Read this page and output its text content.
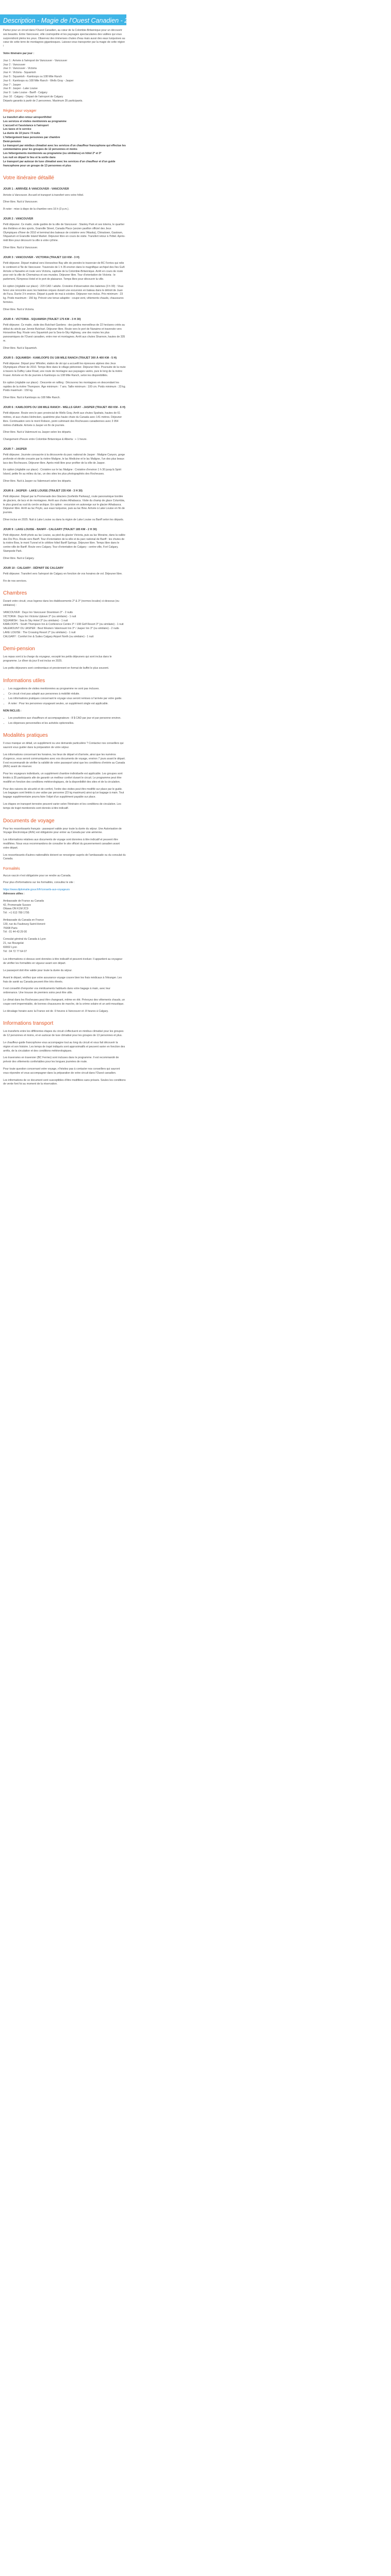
Description - Magie de l'Ouest Canadien - 2*

Partez pour un circuit dans l'Ouest Canadien, au cœur de la Colombie-Britannique pour un découvrir ses beautés. Entre Vancouver, ville cosmopolite et les paysages spectaculaires des vallées qui vous surprendront pleins les yeux. Observez des immenses chutes d'eau mais aussi des eaux turquoises au cœur de cette terre de montagnes gigantesques. Laissez-vous transporter par la magie de cette région !

Votre itinéraire par jour :

Jour 1 : Arrivée à l'aéroport de Vancouver - Vancouver
Jour 2 : Vancouver
Jour 3 : Vancouver - Victoria
Jour 4 : Victoria - Squamish
Jour 5 : Squamish - Kamloops ou 108 Mile Ranch
Jour 6 : Kamloops ou 108 Mile Ranch - Wells Gray - Jasper
Jour 7 : Jasper
Jour 8 : Jasper - Lake Louise
Jour 9 : Lake Louise - Banff - Calgary
Jour 10 : Calgary - Départ de l'aéroport de Calgary
Départs garantis à partir de 2 personnes. Maximum 35 participants.
Règles pour voyager
Le transfert aller-retour aéroport/hôtel
Les services et visites mentionnés au programme
L'accueil et l'assistance à l'aéroport
Les taxes et le service
La durée de 10 jours / 9 nuits
L'hébergement base personnes par chambre
Demi-pension
Le transport par minibus climatisé avec les services d'un chauffeur francophone qui effectue les commentaires pour les groupes de 12 personnes et moins
Les hébergements mentionnés au programme (ou similaires) en hôtel 2* et 3*
Les nuit en départ le lieu et la sortie dans
Le transport par autocar de luxe climatisé avec les services d'un chauffeur et d'un guide francophone pour un groupe de 13 personnes et plus
Votre itinéraire détaillé
JOUR 1 : ARRIVÉE À VANCOUVER - VANCOUVER

Arrivée à Vancouver. Accueil et transport à transfert vers votre hôtel.

Dîner libre. Nuit à Vancouver.

À noter : mise à dispo de la chambre vers 16 h (3 p.m.).

JOUR 2 : VANCOUVER

Petit déjeuner. Ce matin, visite guidée de la ville de Vancouver : Stanley Park et ses totems, le quartier des théâtres et des sports, Granville Street, Canada Place (ancien pavillon officiel des Jeux Olympiques d'hiver de 2010 et terminal des bateaux de croisière vers l'Alaska), Chinatown, Gastown, l'Aquarium et Granville Island Market. Déjeuner libre en cours de visite. Transfert retour à l'hôtel. Après-midi libre pour découvrir la ville à votre rythme.

Dîner libre. Nuit à Vancouver.

JOUR 3 : VANCOUVER - VICTORIA (TRAJET 110 KM - 3 H)

Petit déjeuner. Départ matinal vers Horseshoe Bay afin de prendre le traversier de BC Ferries qui relie le continent à l'île de Vancouver. Traversée de 1 h 35 environ dans le magnifique archipel des îles Gulf. Arrivée à Nanaimo et route vers Victoria, capitale de la Colombie-Britannique. Arrêt en cours de route pour voir la ville de Chemainus et ses murales. Déjeuner libre. Tour d'orientation de Victoria : le parlement, l'Empress Hotel et le port de plaisance. Temps libre pour découvrir la ville.

En option (réglable sur place) : 220 CAD / adulte. Croisière d'observation des baleines (3 h 00) : Vous ferez une rencontre avec les baleines orques durant une excursion en bateau dans le détroit de Juan de Fuca. Durée 3 h environ. Départ à partir de mai à octobre. Déjeuner non inclus. Prix minimum : 23 kg. Poids maximum : 150 kg. Prévoir une tenue adaptée : coupe-vent, vêtements chauds, chaussures fermées.

Dîner libre. Nuit à Victoria.

JOUR 4 : VICTORIA - SQUAMISH (TRAJET 175 KM - 3 H 30)

Petit déjeuner. Ce matin, visite des Butchart Gardens : des jardins merveilleux de 22 hectares créés au début du siècle par Jennie Butchart. Déjeuner libre. Route vers le port de Nanaimo et traversée vers Horseshoe Bay. Route vers Squamish par la Sea-to-Sky Highway, une des routes les plus panoramiques de l'Ouest canadien, entre mer et montagnes. Arrêt aux chutes Shannon, hautes de 335 m.

Dîner libre. Nuit à Squamish.

JOUR 5 : SQUAMISH - KAMLOOPS OU 108 MILE RANCH (TRAJET 300 À 400 KM - 5 H)

Petit déjeuner. Départ pour Whistler, station de ski qui a accueilli les épreuves alpines des Jeux Olympiques d'hiver de 2010. Temps libre dans le village piétonnier. Déjeuner libre. Poursuite de la route à travers la Duffey Lake Road, une route de montagne aux paysages variés, puis le long de la rivière Fraser. Arrivée en fin de journée à Kamloops ou 108 Mile Ranch, selon les disponibilités.

En option (réglable sur place) : Descente en rafting : Découvrez les montagnes en descendant les rapides de la rivière Thompson. Âge minimum : 7 ans. Taille minimum : 100 cm. Poids minimum : 23 kg. Poids maximum : 150 kg.

Dîner libre. Nuit à Kamloops ou 108 Mile Ranch.

JOUR 6 : KAMLOOPS OU 108 MILE RANCH - WELLS GRAY - JASPER (TRAJET 450 KM - 6 H)

Petit déjeuner. Route vers le parc provincial de Wells Gray. Arrêt aux chutes Spahats, hautes de 61 mètres, et aux chutes Helmcken, quatrième plus haute chute du Canada avec 141 mètres. Déjeuner libre. Continuation vers le mont Robson, point culminant des Rocheuses canadiennes avec 3 954 mètres d'altitude. Arrivée à Jasper en fin de journée.

Dîner libre. Nuit à Valemount ou Jasper selon les départs.

Changement d'heure entre Colombie Britannique & Alberta : + 1 heure.

JOUR 7 : JASPER

Petit déjeuner. Journée consacrée à la découverte du parc national de Jasper : Maligne Canyon, gorge profonde et étroite creusée par la rivière Maligne, le lac Medicine et le lac Maligne, l'un des plus beaux lacs des Rocheuses. Déjeuner libre. Après-midi libre pour profiter de la ville de Jasper.

En option (réglable sur place) : Croisière sur le lac Maligne : Croisière d'environ 1 h 30 jusqu'à Spirit Island, petite île au milieu du lac, un des sites les plus photographiés des Rocheuses.

Dîner libre. Nuit à Jasper ou Valemount selon les départs.

JOUR 8 : JASPER - LAKE LOUISE (TRAJET 235 KM - 3 H 30)

Petit déjeuner. Départ par la Promenade des Glaciers (Icefields Parkway), route panoramique bordée de glaciers, de lacs et de montagnes. Arrêt aux chutes Athabasca. Visite du champ de glace Columbia, le plus grand au sud du cercle arctique. En option : excursion en autoneige sur le glacier Athabasca. Déjeuner libre. Arrêt au lac Peyto, aux eaux turquoise, puis au lac Bow. Arrivée à Lake Louise en fin de journée.

Dîner inclus en 2025. Nuit à Lake Louise ou dans la région de Lake Louise ou Banff selon les départs.

JOUR 9 : LAKE LOUISE - BANFF - CALGARY (TRAJET 185 KM - 2 H 30)

Petit déjeuner. Arrêt photo au lac Louise, au pied du glacier Victoria, puis au lac Moraine, dans la vallée des Dix Pics. Route vers Banff. Tour d'orientation de la ville et du parc national de Banff : les chutes de la rivière Bow, le mont Tunnel et le célèbre hôtel Banff Springs. Déjeuner libre. Temps libre dans le centre-ville de Banff. Route vers Calgary. Tour d'orientation de Calgary : centre-ville, Fort Calgary, Stampede Park.

Dîner libre. Nuit à Calgary.

JOUR 10 : CALGARY - DÉPART DE CALGARY

Petit déjeuner. Transfert vers l'aéroport de Calgary en fonction de vos horaires de vol. Déjeuner libre.

Fin de nos services.

Chambres

Durant votre circuit, vous logerez dans les établissements 2* & 3* (normes locales) ci-dessous (ou similaires) :

VANCOUVER : Days Inn Vancouver Downtown 3* - 2 nuits
VICTORIA : Days Inn Victoria Uptown 3* (ou similaire) - 1 nuit
SQUAMISH : Sea to Sky Hotel 3* (ou similaire) - 1 nuit
KAMLOOPS : South Thompson Inn & Conference Centre 3* / 108 Golf Resort 3* (ou similaire) - 1 nuit
VALEMOUNT OU JASPER : Best Western Valemount Inn 3* / Jasper Inn 3* (ou similaire) - 2 nuits
LAKE LOUISE : The Crossing Resort 2* (ou similaire) - 1 nuit
CALGARY : Comfort Inn & Suites Calgary Airport North (ou similaire) - 1 nuit
Demi-pension

Les repas sont à la charge du voyageur, excepté les petits déjeuners qui sont inclus dans le programme. Le dîner du jour 8 est inclus en 2025.

Les petits déjeuners sont continentaux et proviennent en format de buffet le plus souvent.

Informations utiles
• Les suggestions de visites mentionnées au programme ne sont pas incluses.
• Ce circuit n'est pas adapté aux personnes à mobilité réduite.
• Les informations pratiques concernant le voyage vous seront remises à l'arrivée par votre guide.
• À noter : Pour les personnes voyageant seules, un supplément single est applicable.

NON INCLUS :

• Les pourboires aux chauffeurs et accompagnateurs : 8 $ CAD par jour et par personne environ.
• Les dépenses personnelles et les activités optionnelles.
Modalités pratiques

Il vous manque un détail, un supplément ou une demande particulière ? Contactez nos conseillers qui sauront vous guider dans la préparation de votre séjour.

Les informations concernant les horaires, les lieux de départ et d'arrivée, ainsi que les numéros d'urgence, vous seront communiquées avec vos documents de voyage, environ 7 jours avant le départ. Il est recommandé de vérifier la validité de votre passeport ainsi que les conditions d'entrée au Canada (AVE) avant de réserver.

Pour les voyageurs individuels, un supplément chambre individuelle est applicable. Les groupes sont limités à 35 participants afin de garantir un meilleur confort durant le circuit. Le programme peut être modifié en fonction des conditions météorologiques, de la disponibilité des sites et de la circulation.

Pour des raisons de sécurité et de confort, l'ordre des visites peut être modifié sur place par le guide. Les bagages sont limités à une valise par personne (23 kg maximum) ainsi qu'un bagage à main. Tout bagage supplémentaire pourra faire l'objet d'un supplément payable sur place.

Les étapes en transport terrestre peuvent varier selon l'itinéraire et les conditions de circulation. Les temps de trajet mentionnés sont donnés à titre indicatif.

Documents de voyage

Pour les ressortissants français : passeport valide pour toute la durée du séjour. Une Autorisation de Voyage Électronique (AVE) est obligatoire pour entrer au Canada par voie aérienne.

Les informations relatives aux documents de voyage sont données à titre indicatif et peuvent être modifiées. Nous vous recommandons de consulter le site officiel du gouvernement canadien avant votre départ.

Les ressortissants d'autres nationalités doivent se renseigner auprès de l'ambassade ou du consulat du Canada.

Formalités

Aucun vaccin n'est obligatoire pour se rendre au Canada.

Pour plus d'informations sur les formalités, consultez le site :

https://www.diplomatie.gouv.fr/fr/conseils-aux-voyageurs

Adresses utiles :

Ambassade de France au Canada

42, Promenade Sussex

Ottawa ON K1M 2C9

Tél : +1 613 789 1795

Ambassade du Canada en France

130, rue du Faubourg Saint-Honoré

75008 Paris

Tél : 01 44 43 29 00

Consulat général du Canada à Lyon

21, rue Bourgelat

69002 Lyon

Tél : 04 72 77 64 07

Les informations ci-dessus sont données à titre indicatif et peuvent évoluer. Il appartient au voyageur de vérifier les formalités en vigueur avant son départ.

Le passeport doit être valide pour toute la durée du séjour.

Avant le départ, vérifiez que votre assurance voyage couvre bien les frais médicaux à l'étranger. Les frais de santé au Canada peuvent être très élevés.

Il est conseillé d'emporter vos médicaments habituels dans votre bagage à main, avec leur ordonnance. Une trousse de premiers soins peut être utile.

Le climat dans les Rocheuses peut être changeant, même en été. Prévoyez des vêtements chauds, un coupe-vent imperméable, de bonnes chaussures de marche, de la crème solaire et un anti-moustique.

Le décalage horaire avec la France est de -9 heures à Vancouver et -8 heures à Calgary.

Informations transport

Les transferts entre les différentes étapes du circuit s'effectuent en minibus climatisé pour les groupes de 12 personnes et moins, et en autocar de luxe climatisé pour les groupes de 13 personnes et plus.

Le chauffeur-guide francophone vous accompagne tout au long du circuit et vous fait découvrir la région et son histoire. Les temps de trajet indiqués sont approximatifs et peuvent varier en fonction des arrêts, de la circulation et des conditions météorologiques.

Les traversées en traversier (BC Ferries) sont incluses dans le programme. Il est recommandé de prévoir des vêtements confortables pour les longues journées de route.

Pour toute question concernant votre voyage, n'hésitez pas à contacter nos conseillers qui sauront vous répondre et vous accompagner dans la préparation de votre circuit dans l'Ouest canadien.

Les informations de ce document sont susceptibles d'être modifiées sans préavis. Seules les conditions de vente font foi au moment de la réservation.
